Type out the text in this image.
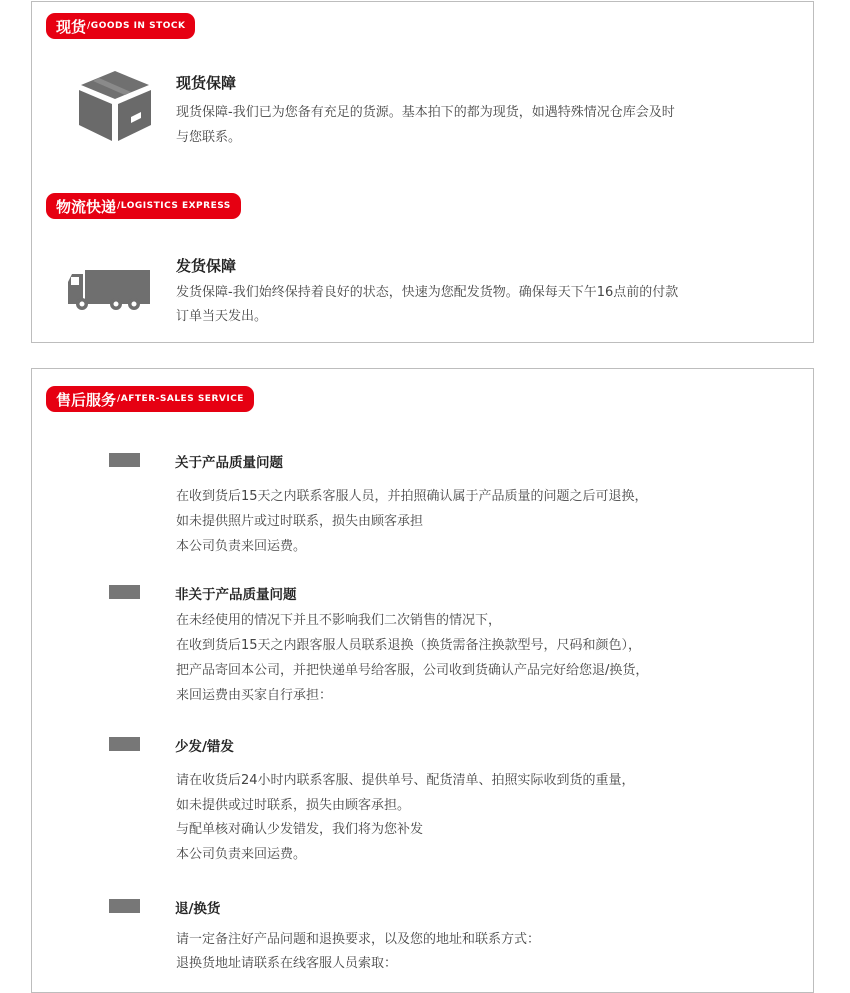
现货 /GOODS IN STOCK
现货保障
现货保障-我们已为您备有充足的货源。基本拍下的都为现货，如遇特殊情况仓库会及时
与您联系。
物流快递 /LOGISTICS EXPRESS
发货保障
发货保障-我们始终保持着良好的状态，快速为您配发货物。确保每天下午16点前的付款
订单当天发出。
售后服务 /AFTER-SALES SERVICE
关于产品质量问题
在收到货后15天之内联系客服人员，并拍照确认属于产品质量的问题之后可退换，
如未提供照片或过时联系，损失由顾客承担
本公司负责来回运费。
非关于产品质量问题
在未经使用的情况下并且不影响我们二次销售的情况下，
在收到货后15天之内跟客服人员联系退换（换货需备注换款型号，尺码和颜色），
把产品寄回本公司，并把快递单号给客服，公司收到货确认产品完好给您退/换货，
来回运费由买家自行承担：
少发/错发
请在收货后24小时内联系客服、提供单号、配货清单、拍照实际收到货的重量，
如未提供或过时联系，损失由顾客承担。
与配单核对确认少发错发，我们将为您补发
本公司负责来回运费。
退/换货
请一定备注好产品问题和退换要求，以及您的地址和联系方式：
退换货地址请联系在线客服人员索取：
